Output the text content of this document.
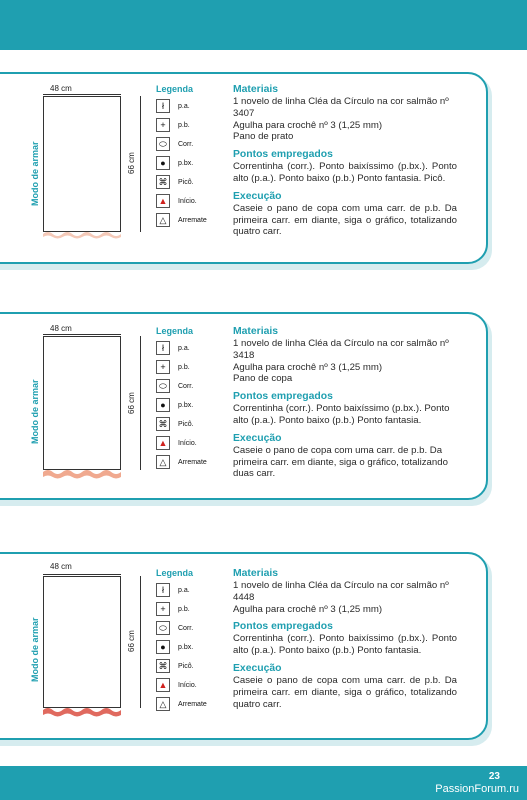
48 cm
66 cm
Modo de armar
Legenda
ł	p.a.
+	p.b.
⬭	Corr.
●	p.bx.
⌘	Picô.
▲	Início.
△	Arremate
Materiais
1 novelo de linha Cléa da Círculo na cor salmão nº 3407
Agulha para crochê nº 3 (1,25 mm)
Pano de prato
Pontos empregados
Correntinha (corr.). Ponto baixíssimo (p.bx.). Ponto alto (p.a.). Ponto baixo (p.b.) Ponto fantasia. Picô.
Execução
Caseie o pano de copa com uma carr. de p.b. Da primeira carr. em diante, siga o gráfico, totalizando quatro carr.
48 cm
66 cm
Modo de armar
Legenda
ł	p.a.
+	p.b.
⬭	Corr.
●	p.bx.
⌘	Picô.
▲	Início.
△	Arremate
Materiais
1 novelo de linha Cléa da Círculo na cor salmão nº 3418
Agulha para crochê nº 3 (1,25 mm)
Pano de copa
Pontos empregados
Correntinha (corr.). Ponto baixíssimo (p.bx.). Ponto alto (p.a.). Ponto baixo (p.b.) Ponto fantasia.
Execução
Caseie o pano de copa com uma carr. de p.b. Da primeira carr. em diante, siga o gráfico, totalizando duas carr.
48 cm
66 cm
Modo de armar
Legenda
ł	p.a.
+	p.b.
⬭	Corr.
●	p.bx.
⌘	Picô.
▲	Início.
△	Arremate
Materiais
1 novelo de linha Cléa da Círculo na cor salmão nº 4448
Agulha para crochê nº 3 (1,25 mm)
Pontos empregados
Correntinha (corr.). Ponto baixíssimo (p.bx.). Ponto alto (p.a.). Ponto baixo (p.b.) Ponto fantasia.
Execução
Caseie o pano de copa com uma carr. de p.b. Da primeira carr. em diante, siga o gráfico, totalizando quatro carr.
23
PassionForum.ru
